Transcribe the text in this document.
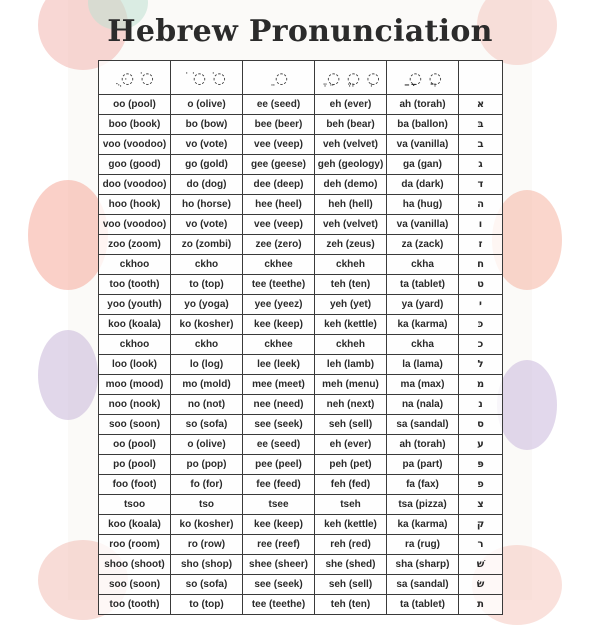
Hebrew Pronunciation
ֻ ◌ּ ◌ֹ	ֹ ◌ֹ ◌ֹ	ֵ ◌	ֶ ◌ֵ ◌ֱ ◌ְ	ַ ◌ָ ◌ֲ	
oo (pool)	o (olive)	ee (seed)	eh (ever)	ah (torah)	א
boo (book)	bo (bow)	bee (beer)	beh (bear)	ba (ballon)	בּ
voo (voodoo)	vo (vote)	vee (veep)	veh (velvet)	va (vanilla)	ב
goo (good)	go (gold)	gee (geese)	geh (geology)	ga (gan)	ג
doo (voodoo)	do (dog)	dee (deep)	deh (demo)	da (dark)	ד
hoo (hook)	ho (horse)	hee (heel)	heh (hell)	ha (hug)	ה
voo (voodoo)	vo (vote)	vee (veep)	veh (velvet)	va (vanilla)	ו
zoo (zoom)	zo (zombi)	zee (zero)	zeh (zeus)	za (zack)	ז
ckhoo	ckho	ckhee	ckheh	ckha	ח
too (tooth)	to (top)	tee (teethe)	teh (ten)	ta (tablet)	ט
yoo (youth)	yo (yoga)	yee (yeez)	yeh (yet)	ya (yard)	י
koo (koala)	ko (kosher)	kee (keep)	keh (kettle)	ka (karma)	כּ
ckhoo	ckho	ckhee	ckheh	ckha	כ
loo (look)	lo (log)	lee (leek)	leh (lamb)	la (lama)	ל
moo (mood)	mo (mold)	mee (meet)	meh (menu)	ma (max)	מ
noo (nook)	no (not)	nee (need)	neh (next)	na (nala)	נ
soo (soon)	so (sofa)	see (seek)	seh (sell)	sa (sandal)	ס
oo (pool)	o (olive)	ee (seed)	eh (ever)	ah (torah)	ע
po (pool)	po (pop)	pee (peel)	peh (pet)	pa (part)	פּ
foo (foot)	fo (for)	fee (feed)	feh (fed)	fa (fax)	פ
tsoo	tso	tsee	tseh	tsa (pizza)	צ
koo (koala)	ko (kosher)	kee (keep)	keh (kettle)	ka (karma)	ק
roo (room)	ro (row)	ree (reef)	reh (red)	ra (rug)	ר
shoo (shoot)	sho (shop)	shee (sheer)	she (shed)	sha (sharp)	שׁ
soo (soon)	so (sofa)	see (seek)	seh (sell)	sa (sandal)	שׂ
too (tooth)	to (top)	tee (teethe)	teh (ten)	ta (tablet)	ת
